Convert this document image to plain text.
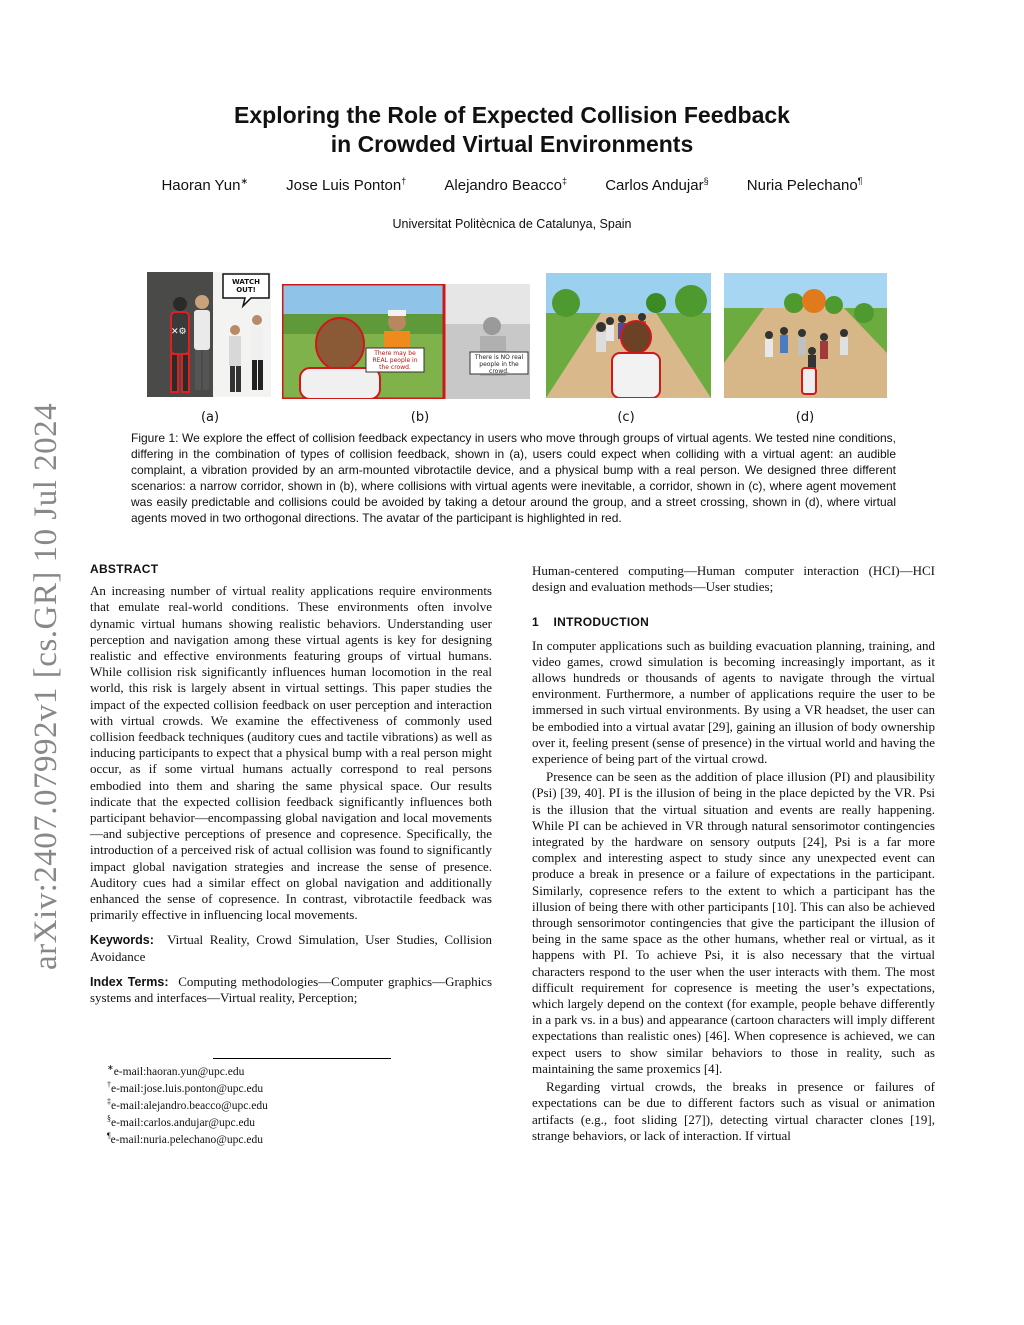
Exploring the Role of Expected Collision Feedback
in Crowded Virtual Environments
Haoran Yun∗	Jose Luis Ponton†	Alejandro Beacco‡	Carlos Andujar§	Nuria Pelechano¶
Universitat Politècnica de Catalunya, Spain
arXiv:2407.07992v1 [cs.GR] 10 Jul 2024
✕⚙
WATCH OUT!
There may be REAL people in the crowd.
There is NO real people in the crowd.
(a)	(b)	(c)	(d)
Figure 1: We explore the effect of collision feedback expectancy in users who move through groups of virtual agents. We tested nine conditions, differing in the combination of types of collision feedback, shown in (a), users could expect when colliding with a virtual agent: an audible complaint, a vibration provided by an arm-mounted vibrotactile device, and a physical bump with a real person. We designed three different scenarios: a narrow corridor, shown in (b), where collisions with virtual agents were inevitable, a corridor, shown in (c), where agent movement was easily predictable and collisions could be avoided by taking a detour around the group, and a street crossing, shown in (d), where virtual agents moved in two orthogonal directions. The avatar of the participant is highlighted in red.
ABSTRACT

An increasing number of virtual reality applications require environments that emulate real-world conditions. These environments often involve dynamic virtual humans showing realistic behaviors. Understanding user perception and navigation among these virtual agents is key for designing realistic and effective environments featuring groups of virtual humans. While collision risk significantly influences human locomotion in the real world, this risk is largely absent in virtual settings. This paper studies the impact of the expected collision feedback on user perception and interaction with virtual crowds. We examine the effectiveness of commonly used collision feedback techniques (auditory cues and tactile vibrations) as well as inducing participants to expect that a physical bump with a real person might occur, as if some virtual humans actually correspond to real persons embodied into them and sharing the same physical space. Our results indicate that the expected collision feedback significantly influences both participant behavior—encompassing global navigation and local movements—and subjective perceptions of presence and copresence. Specifically, the introduction of a perceived risk of actual collision was found to significantly impact global navigation strategies and increase the sense of presence. Auditory cues had a similar effect on global navigation and additionally enhanced the sense of copresence. In contrast, vibrotactile feedback was primarily effective in influencing local movements.

Keywords: Virtual Reality, Crowd Simulation, User Studies, Collision Avoidance

Index Terms: Computing methodologies—Computer graphics—Graphics systems and interfaces—Virtual reality, Perception;

∗e-mail:haoran.yun@upc.edu
†e-mail:jose.luis.ponton@upc.edu
‡e-mail:alejandro.beacco@upc.edu
§e-mail:carlos.andujar@upc.edu
¶e-mail:nuria.pelechano@upc.edu

Human-centered computing—Human computer interaction (HCI)—HCI design and evaluation methods—User studies;

1 INTRODUCTION

In computer applications such as building evacuation planning, training, and video games, crowd simulation is becoming increasingly important, as it allows hundreds or thousands of agents to navigate through the virtual environment. Furthermore, a number of applications require the user to be immersed in such virtual environments. By using a VR headset, the user can be embodied into a virtual avatar [29], gaining an illusion of body ownership over it, feeling present (sense of presence) in the virtual world and having the experience of being part of the virtual crowd.

Presence can be seen as the addition of place illusion (PI) and plausibility (Psi) [39, 40]. PI is the illusion of being in the place depicted by the VR. Psi is the illusion that the virtual situation and events are really happening. While PI can be achieved in VR through natural sensorimotor contingencies integrated by the hardware on sensory outputs [24], Psi is a far more complex and interesting aspect to study since any unexpected event can produce a break in presence or a failure of expectations in the participant. Similarly, copresence refers to the extent to which a participant has the illusion of being there with other participants [10]. This can also be achieved through sensorimotor contingencies that give the participant the illusion of being in the same space as the other humans, whether real or virtual, as it happens with PI. To achieve Psi, it is also necessary that the virtual characters respond to the user when the user interacts with them. The most difficult requirement for copresence is meeting the user’s expectations, which largely depend on the context (for example, people behave differently in a park vs. in a bus) and appearance (cartoon characters will imply different expectations than realistic ones) [46]. When copresence is achieved, we can expect users to show similar behaviors to those in reality, such as maintaining the same proxemics [4].

Regarding virtual crowds, the breaks in presence or failures of expectations can be due to different factors such as visual or animation artifacts (e.g., foot sliding [27]), detecting virtual character clones [19], strange behaviors, or lack of interaction. If virtual
